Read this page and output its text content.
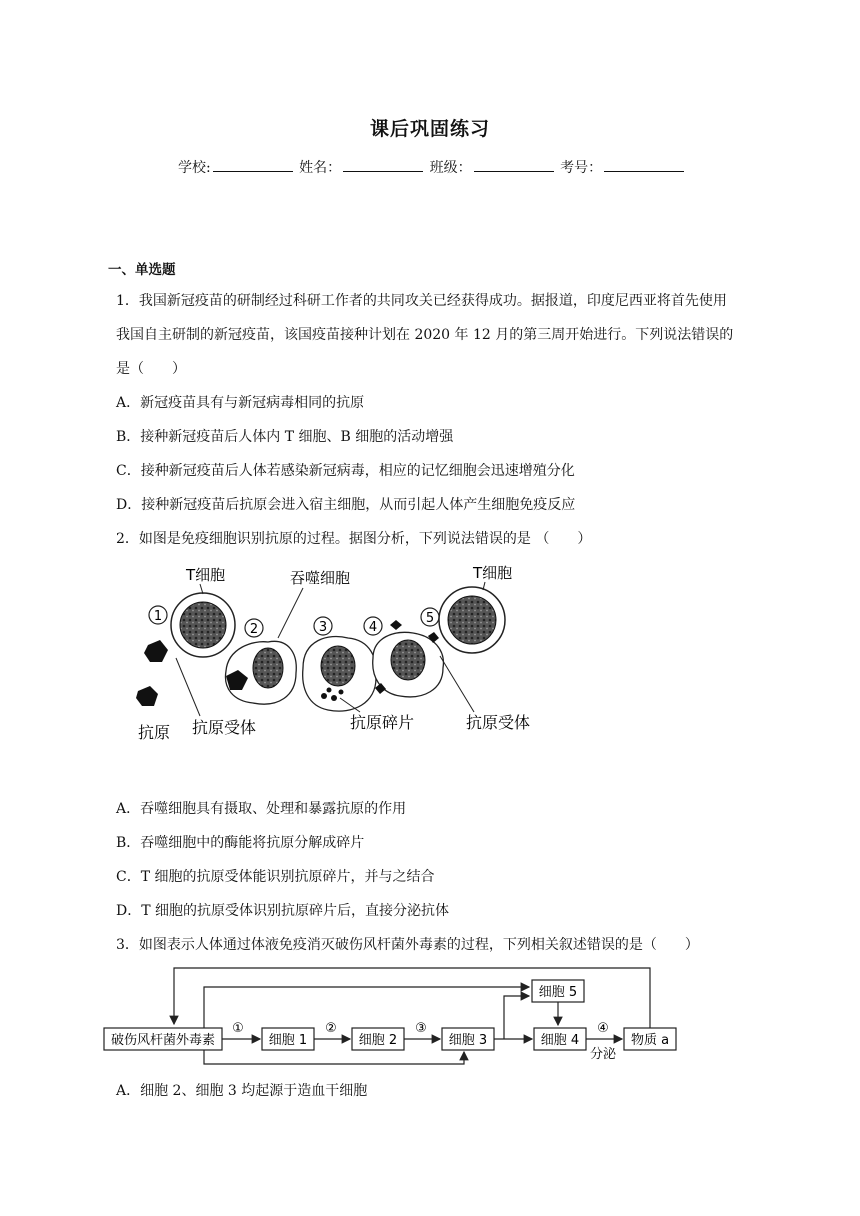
课后巩固练习
学校:	姓名：	班级：	考号：
一、单选题
1．我国新冠疫苗的研制经过科研工作者的共同攻关已经获得成功。据报道，印度尼西亚将首先使用
我国自主研制的新冠疫苗，该国疫苗接种计划在 2020 年 12 月的第三周开始进行。下列说法错误的
是（　　）
A．新冠疫苗具有与新冠病毒相同的抗原
B．接种新冠疫苗后人体内 T 细胞、B 细胞的活动增强
C．接种新冠疫苗后人体若感染新冠病毒，相应的记忆细胞会迅速增殖分化
D．接种新冠疫苗后抗原会进入宿主细胞，从而引起人体产生细胞免疫反应
2．如图是免疫细胞识别抗原的过程。据图分析，下列说法错误的是 （　　）
1
2	3	4
5
T细胞
抗原
吞噬细胞	T细胞
抗原受体	抗原碎片	抗原受体
A．吞噬细胞具有摄取、处理和暴露抗原的作用
B．吞噬细胞中的酶能将抗原分解成碎片
C．T 细胞的抗原受体能识别抗原碎片，并与之结合
D．T 细胞的抗原受体识别抗原碎片后，直接分泌抗体
3．如图表示人体通过体液免疫消灭破伤风杆菌外毒素的过程，下列相关叙述错误的是（　　）
破伤风杆菌外毒素
①
细胞 1
②
细胞 2
③
细胞 3
细胞 5
细胞 4
④
分泌
物质 a
A．细胞 2、细胞 3 均起源于造血干细胞
